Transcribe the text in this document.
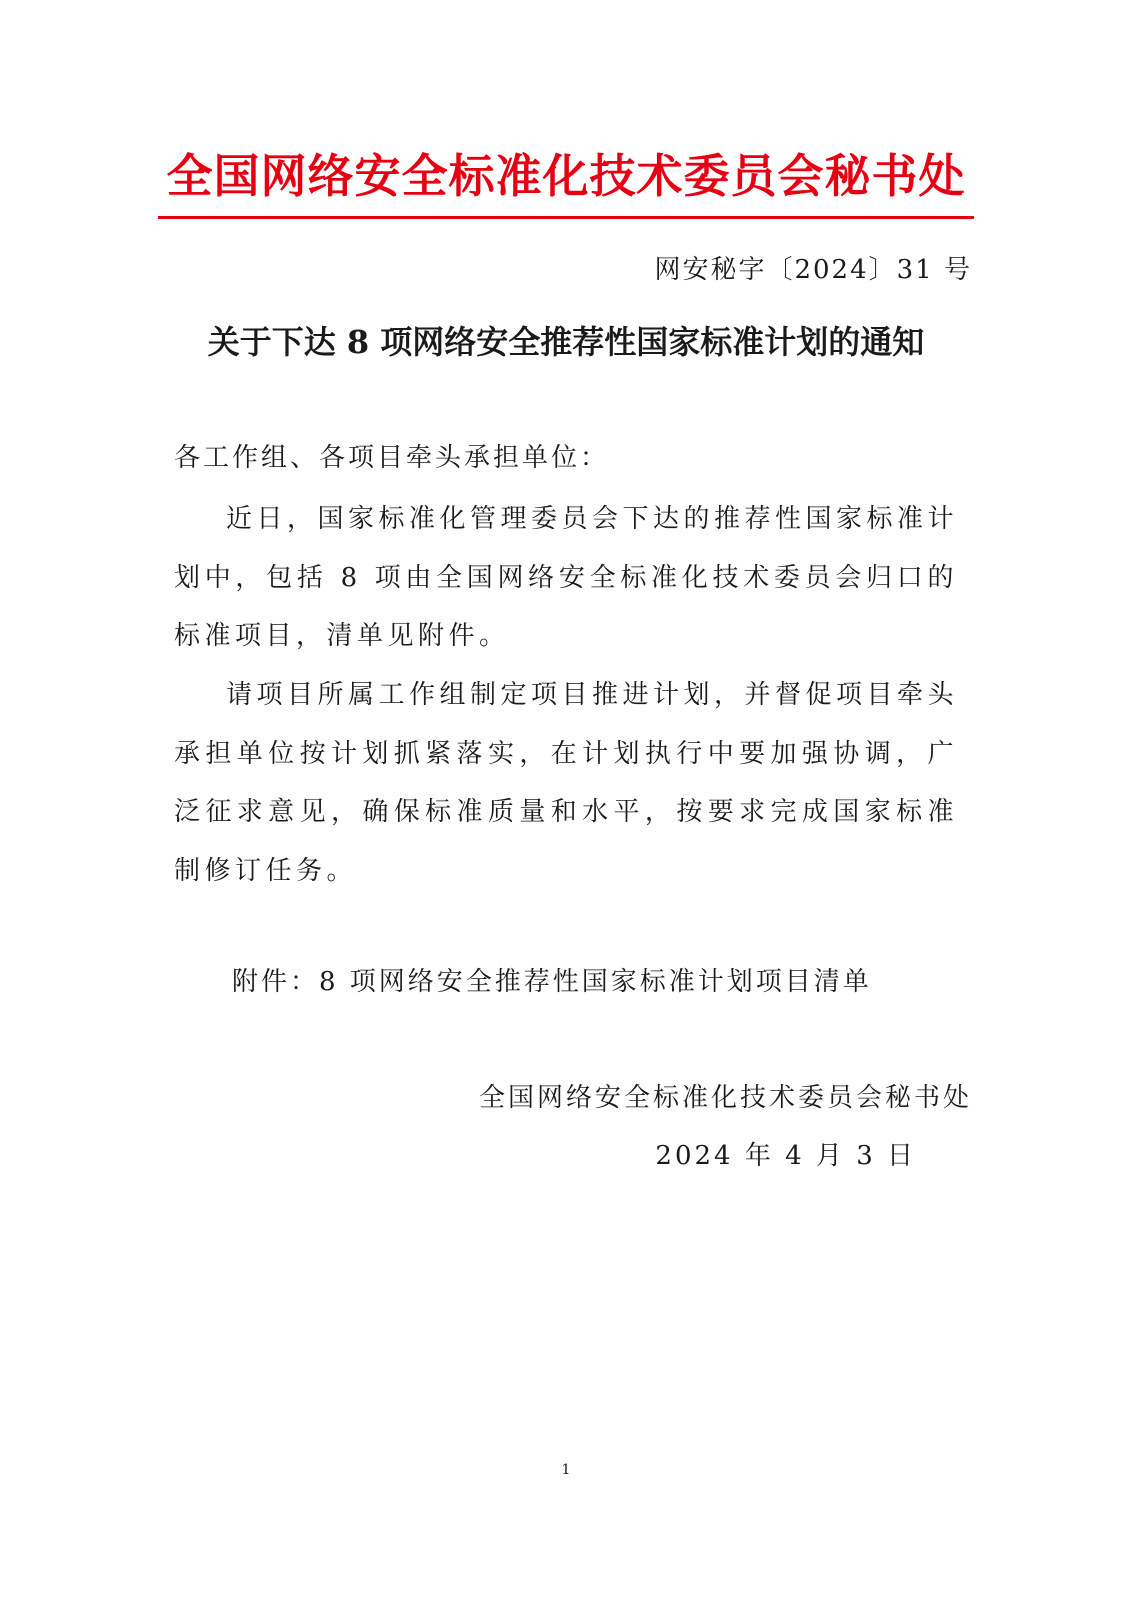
全国网络安全标准化技术委员会秘书处
网安秘字〔2024〕31 号
关于下达 8 项网络安全推荐性国家标准计划的通知
各工作组、各项目牵头承担单位：
近日，国家标准化管理委员会下达的推荐性国家标准计划中，包括 8 项由全国网络安全标准化技术委员会归口的标准项目，清单见附件。
请项目所属工作组制定项目推进计划，并督促项目牵头承担单位按计划抓紧落实，在计划执行中要加强协调，广泛征求意见，确保标准质量和水平，按要求完成国家标准制修订任务。
附件：8 项网络安全推荐性国家标准计划项目清单
全国网络安全标准化技术委员会秘书处
2024 年 4 月 3 日
1
